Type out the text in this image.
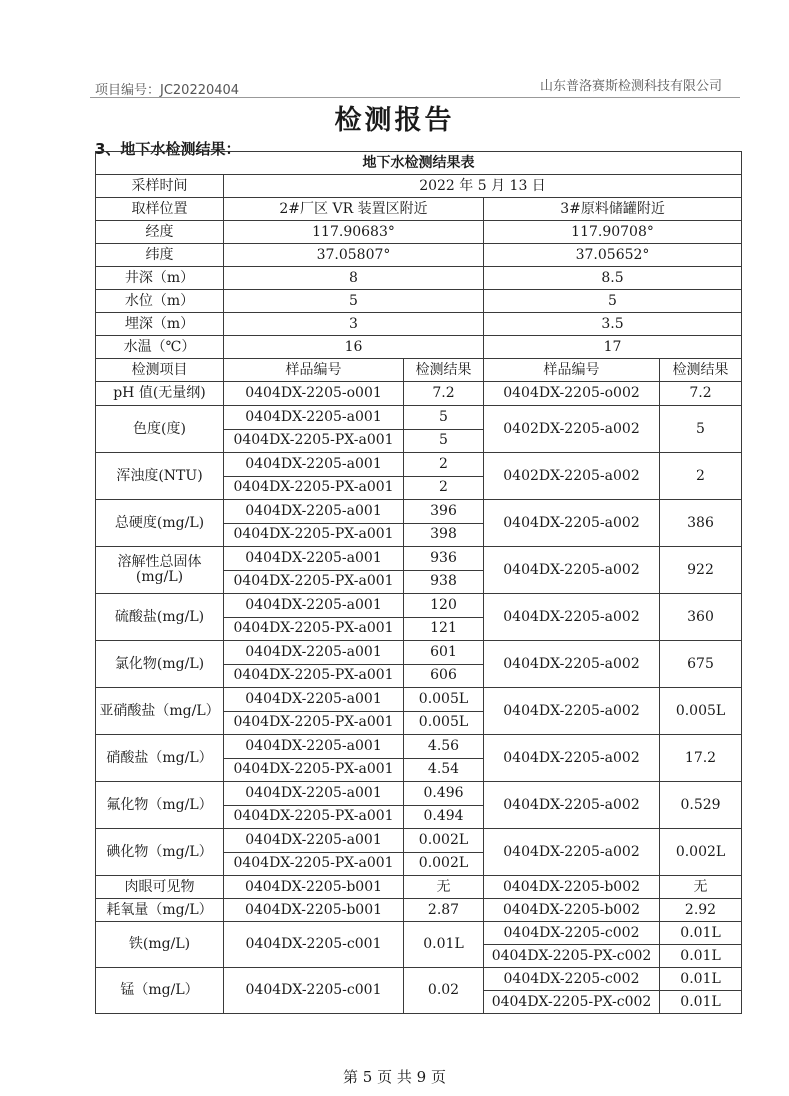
项目编号：JC20220404	山东普洛赛斯检测科技有限公司
检测报告
3、地下水检测结果：
地下水检测结果表				
采样时间	2022 年 5 月 13 日			
取样位置	2#厂区 VR 装置区附近		3#原料储罐附近	
经度	117.90683°		117.90708°	
纬度	37.05807°		37.05652°	
井深（m）	8		8.5	
水位（m）	5		5	
埋深（m）	3		3.5	
水温（℃）	16		17	
检测项目	样品编号	检测结果	样品编号	检测结果
pH 值(无量纲)	0404DX-2205-o001	7.2	0404DX-2205-o002	7.2
色度(度)	0404DX-2205-a001	5	0402DX-2205-a002	5
	0404DX-2205-PX-a001	5		
浑浊度(NTU)	0404DX-2205-a001	2	0402DX-2205-a002	2
	0404DX-2205-PX-a001	2		
总硬度(mg/L)	0404DX-2205-a001	396	0404DX-2205-a002	386
	0404DX-2205-PX-a001	398		
溶解性总固体(mg/L)	0404DX-2205-a001	936	0404DX-2205-a002	922
	0404DX-2205-PX-a001	938		
硫酸盐(mg/L)	0404DX-2205-a001	120	0404DX-2205-a002	360
	0404DX-2205-PX-a001	121		
氯化物(mg/L)	0404DX-2205-a001	601	0404DX-2205-a002	675
	0404DX-2205-PX-a001	606		
亚硝酸盐（mg/L）	0404DX-2205-a001	0.005L	0404DX-2205-a002	0.005L
	0404DX-2205-PX-a001	0.005L		
硝酸盐（mg/L）	0404DX-2205-a001	4.56	0404DX-2205-a002	17.2
	0404DX-2205-PX-a001	4.54		
氟化物（mg/L）	0404DX-2205-a001	0.496	0404DX-2205-a002	0.529
	0404DX-2205-PX-a001	0.494		
碘化物（mg/L）	0404DX-2205-a001	0.002L	0404DX-2205-a002	0.002L
	0404DX-2205-PX-a001	0.002L		
肉眼可见物	0404DX-2205-b001	无	0404DX-2205-b002	无
耗氧量（mg/L）	0404DX-2205-b001	2.87	0404DX-2205-b002	2.92
铁(mg/L)	0404DX-2205-c001	0.01L	0404DX-2205-c002	0.01L
			0404DX-2205-PX-c002	0.01L
锰（mg/L）	0404DX-2205-c001	0.02	0404DX-2205-c002	0.01L
			0404DX-2205-PX-c002	0.01L
第 5 页 共 9 页
